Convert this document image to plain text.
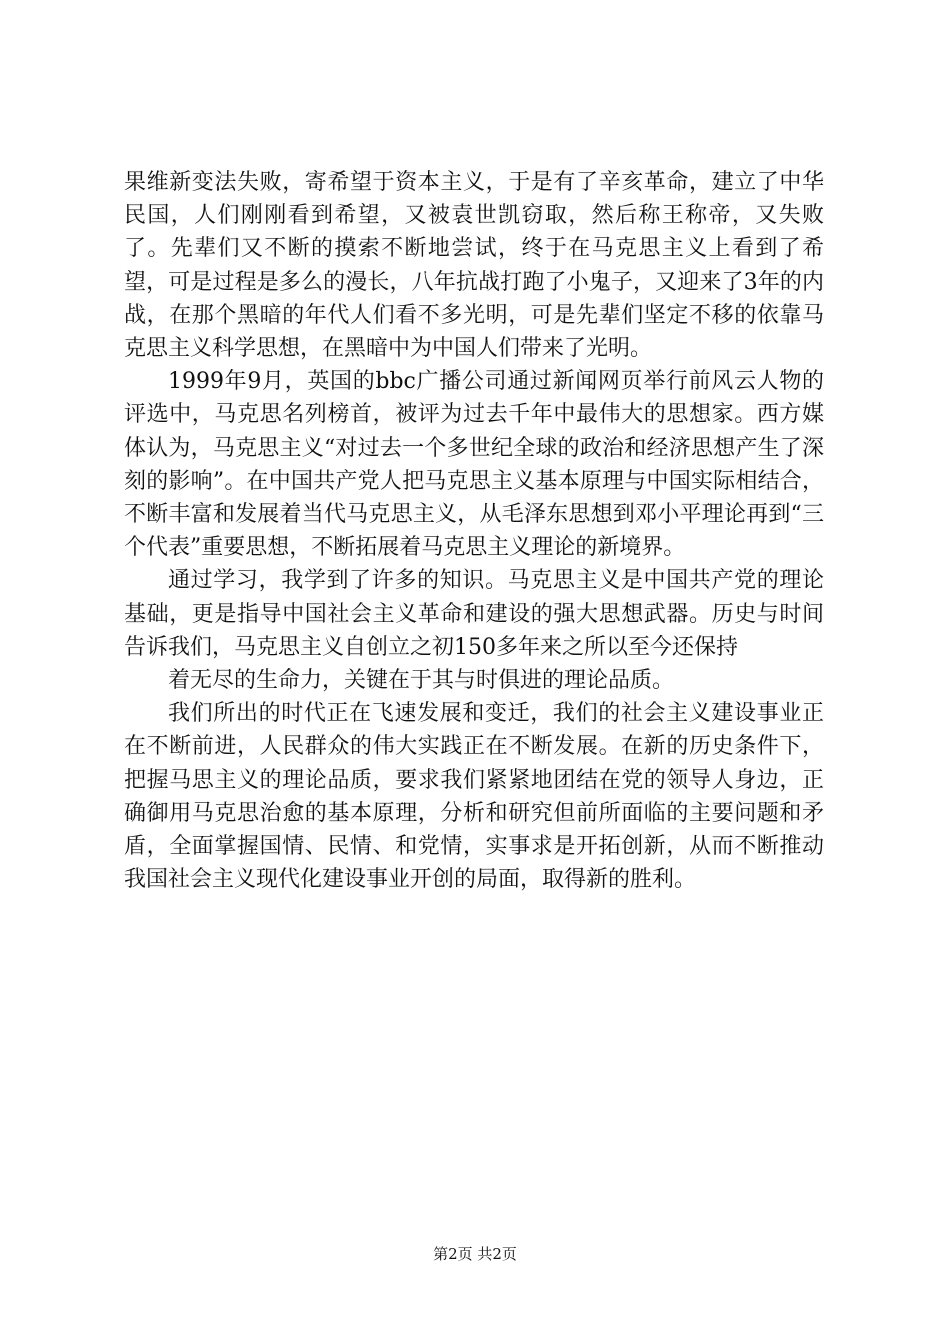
果维新变法失败，寄希望于资本主义，于是有了辛亥革命，建立了中华民国，人们刚刚看到希望，又被袁世凯窃取，然后称王称帝，又失败了。先辈们又不断的摸索不断地尝试，终于在马克思主义上看到了希望，可是过程是多么的漫长，八年抗战打跑了小鬼子，又迎来了3年的内战，在那个黑暗的年代人们看不多光明，可是先辈们坚定不移的依靠马克思主义科学思想，在黑暗中为中国人们带来了光明。

1999年9月，英国的bbc广播公司通过新闻网页举行前风云人物的评选中，马克思名列榜首，被评为过去千年中最伟大的思想家。西方媒体认为，马克思主义“对过去一个多世纪全球的政治和经济思想产生了深刻的影响”。在中国共产党人把马克思主义基本原理与中国实际相结合，不断丰富和发展着当代马克思主义，从毛泽东思想到邓小平理论再到“三个代表”重要思想，不断拓展着马克思主义理论的新境界。

通过学习，我学到了许多的知识。马克思主义是中国共产党的理论基础，更是指导中国社会主义革命和建设的强大思想武器。历史与时间告诉我们，马克思主义自创立之初150多年来之所以至今还保持

着无尽的生命力，关键在于其与时俱进的理论品质。

我们所出的时代正在飞速发展和变迁，我们的社会主义建设事业正在不断前进，人民群众的伟大实践正在不断发展。在新的历史条件下，把握马思主义的理论品质，要求我们紧紧地团结在党的领导人身边，正确御用马克思治愈的基本原理，分析和研究但前所面临的主要问题和矛盾，全面掌握国情、民情、和党情，实事求是开拓创新，从而不断推动我国社会主义现代化建设事业开创的局面，取得新的胜利。

第2页 共2页
